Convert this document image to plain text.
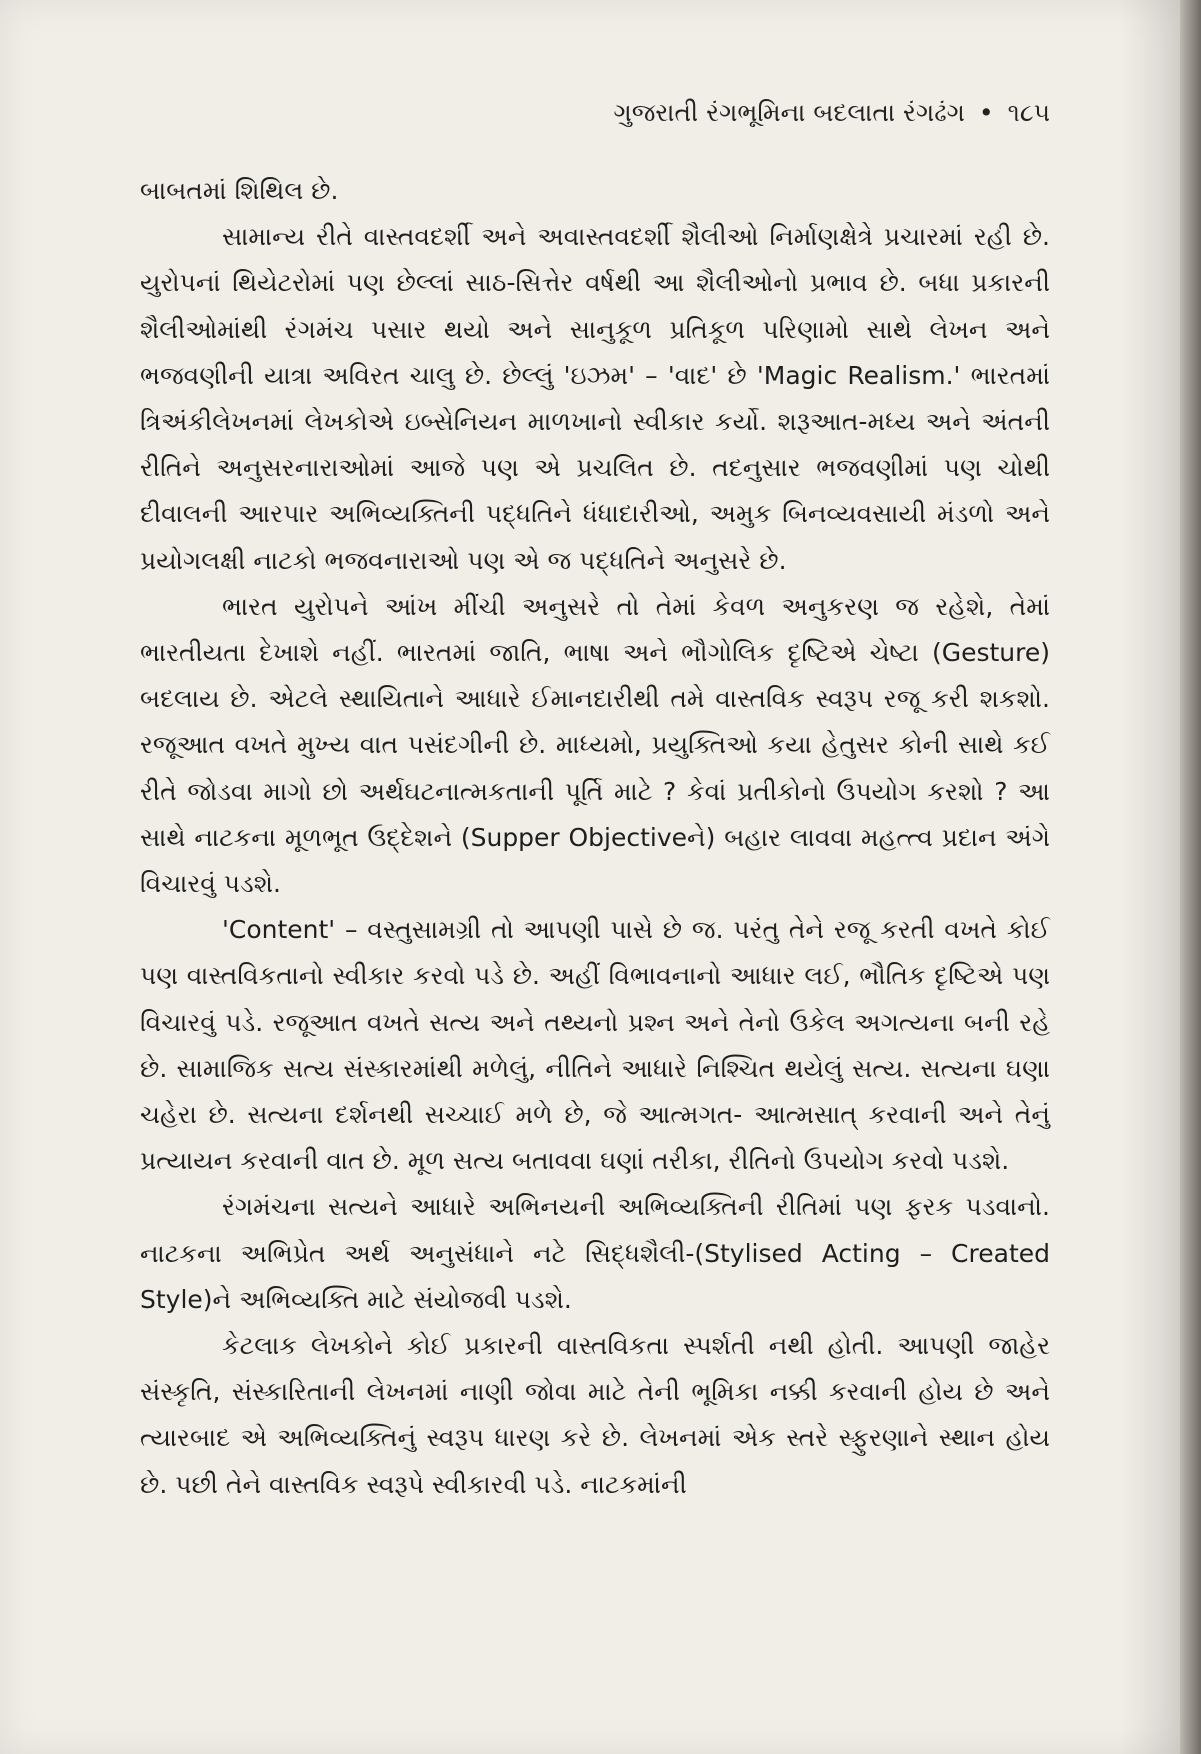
ગુજરાતી રંગભૂમિના બદલાતા રંગઢંગ • ૧૮૫

બાબતમાં શિથિલ છે.

સામાન્ય રીતે વાસ્તવદર્શી અને અવાસ્તવદર્શી શૈલીઓ નિર્માણક્ષેત્રે પ્રચારમાં રહી છે. યુરોપનાં થિયેટરોમાં પણ છેલ્લાં સાઠ-સિત્તેર વર્ષથી આ શૈલીઓનો પ્રભાવ છે. બધા પ્રકારની શૈલીઓમાંથી રંગમંચ પસાર થયો અને સાનુકૂળ પ્રતિકૂળ પરિણામો સાથે લેખન અને ભજવણીની યાત્રા અવિરત ચાલુ છે. છેલ્લું 'ઇઝમ' – 'વાદ' છે 'Magic Realism.' ભારતમાં ત્રિઅંકીલેખનમાં લેખકોએ ઇબ્સેનિયન માળખાનો સ્વીકાર કર્યો. શરૂઆત-મધ્ય અને અંતની રીતિને અનુસરનારાઓમાં આજે પણ એ પ્રચલિત છે. તદનુસાર ભજવણીમાં પણ ચોથી દીવાલની આરપાર અભિવ્યક્તિની પદ્ધતિને ધંધાદારીઓ, અમુક બિનવ્યવસાયી મંડળો અને પ્રયોગલક્ષી નાટકો ભજવનારાઓ પણ એ જ પદ્ધતિને અનુસરે છે.

ભારત યુરોપને આંખ મીંચી અનુસરે તો તેમાં કેવળ અનુકરણ જ રહેશે, તેમાં ભારતીયતા દેખાશે નહીં. ભારતમાં જાતિ, ભાષા અને ભૌગોલિક દૃષ્ટિએ ચેષ્ટા (Gesture) બદલાય છે. એટલે સ્થાયિતાને આધારે ઈમાનદારીથી તમે વાસ્તવિક સ્વરૂપ રજૂ કરી શકશો. રજૂઆત વખતે મુખ્ય વાત પસંદગીની છે. માધ્યમો, પ્રયુક્તિઓ કયા હેતુસર કોની સાથે કઈ રીતે જોડવા માગો છો અર્થઘટનાત્મકતાની પૂર્તિ માટે ? કેવાં પ્રતીકોનો ઉપયોગ કરશો ? આ સાથે નાટકના મૂળભૂત ઉદ્દેશને (Supper Objectiveને) બહાર લાવવા મહત્ત્વ પ્રદાન અંગે વિચારવું પડશે.

'Content' – વસ્તુસામગ્રી તો આપણી પાસે છે જ. પરંતુ તેને રજૂ કરતી વખતે કોઈ પણ વાસ્તવિકતાનો સ્વીકાર કરવો પડે છે. અહીં વિભાવનાનો આધાર લઈ, ભૌતિક દૃષ્ટિએ પણ વિચારવું પડે. રજૂઆત વખતે સત્ય અને તથ્યનો પ્રશ્ન અને તેનો ઉકેલ અગત્યના બની રહે છે. સામાજિક સત્ય સંસ્કારમાંથી મળેલું, નીતિને આધારે નિશ્ચિત થયેલું સત્ય. સત્યના ઘણા ચહેરા છે. સત્યના દર્શનથી સચ્ચાઈ મળે છે, જે આત્મગત- આત્મસાત્ કરવાની અને તેનું પ્રત્યાયન કરવાની વાત છે. મૂળ સત્ય બતાવવા ઘણાં તરીકા, રીતિનો ઉપયોગ કરવો પડશે.

રંગમંચના સત્યને આધારે અભિનયની અભિવ્યક્તિની રીતિમાં પણ ફરક પડવાનો. નાટકના અભિપ્રેત અર્થ અનુસંધાને નટે સિદ્ધશૈલી-(Stylised Acting – Created Style)ને અભિવ્યક્તિ માટે સંયોજવી પડશે.

કેટલાક લેખકોને કોઈ પ્રકારની વાસ્તવિકતા સ્પર્શતી નથી હોતી. આપણી જાહેર સંસ્કૃતિ, સંસ્કારિતાની લેખનમાં નાણી જોવા માટે તેની ભૂમિકા નક્કી કરવાની હોય છે અને ત્યારબાદ એ અભિવ્યક્તિનું સ્વરૂપ ધારણ કરે છે. લેખનમાં એક સ્તરે સ્ફુરણાને સ્થાન હોય છે. પછી તેને વાસ્તવિક સ્વરૂપે સ્વીકારવી પડે. નાટકમાંની
